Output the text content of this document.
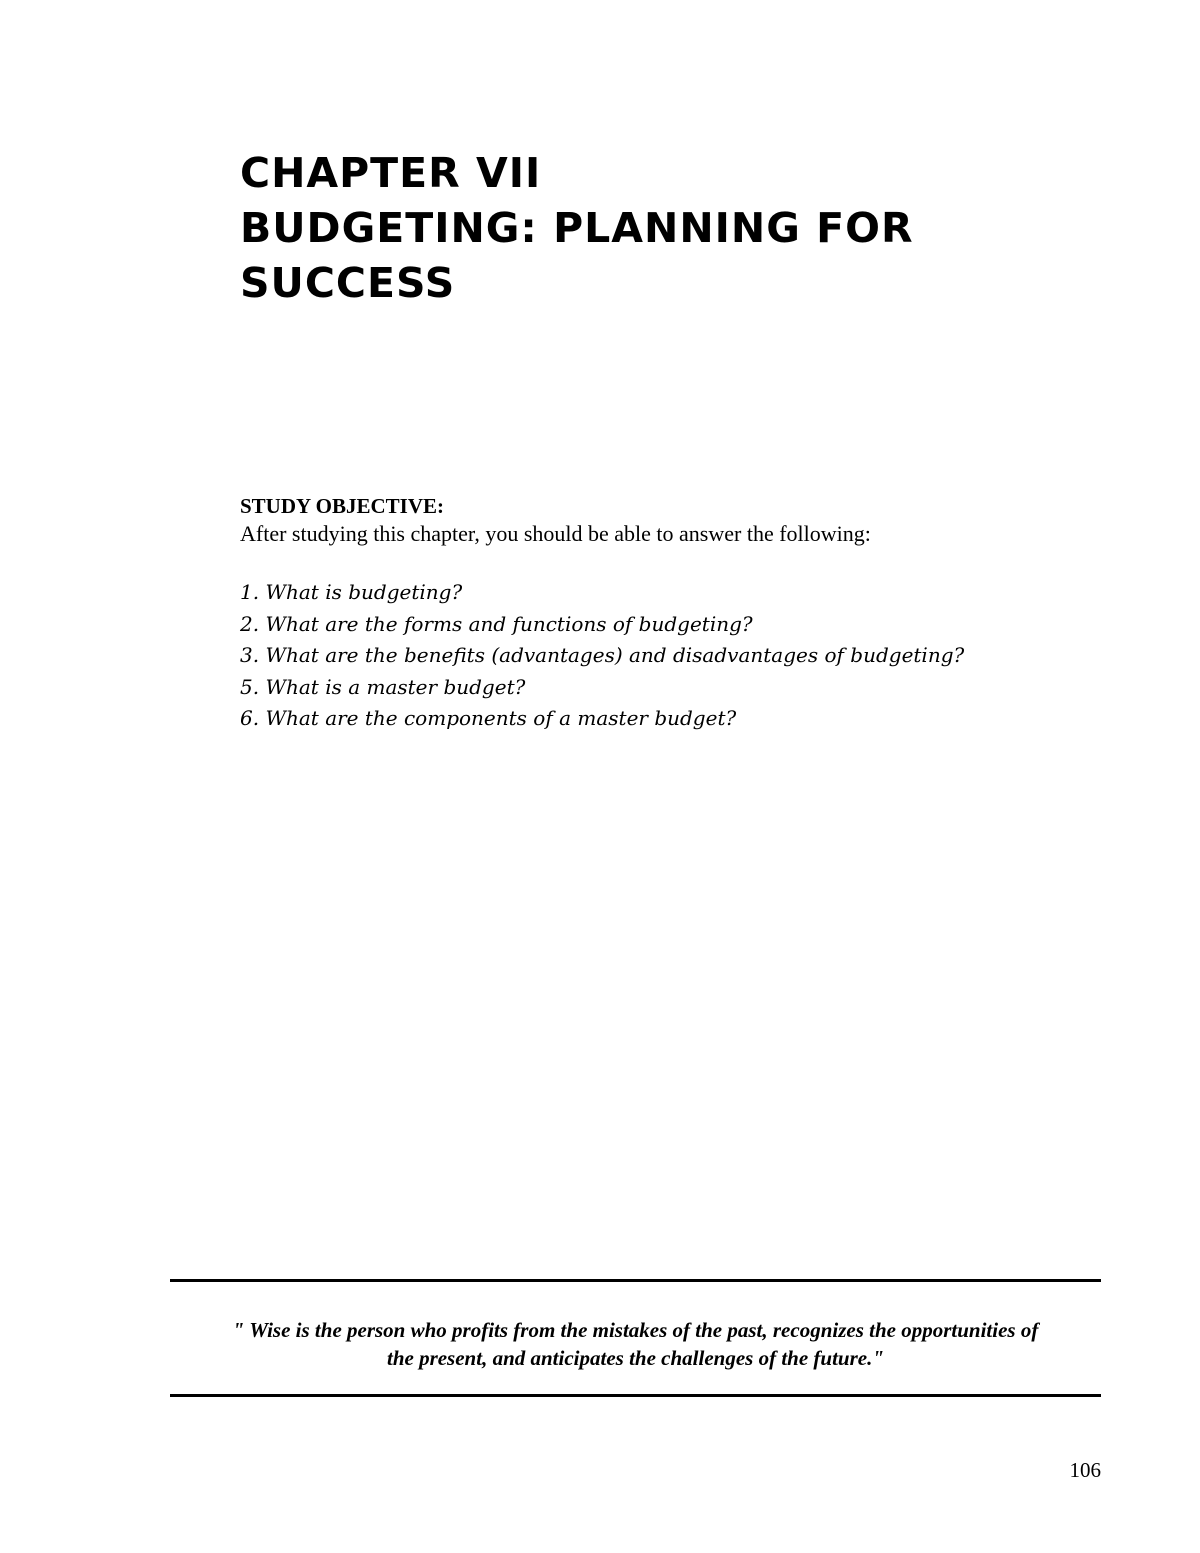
CHAPTER VII
BUDGETING: PLANNING FOR
SUCCESS
STUDY OBJECTIVE:
After studying this chapter, you should be able to answer the following:
1. What is budgeting?
2. What are the forms and functions of budgeting?
3. What are the benefits (advantages) and disadvantages of budgeting?
5. What is a master budget?
6. What are the components of a master budget?
" Wise is the person who profits from the mistakes of the past, recognizes the opportunities of
the present, and anticipates the challenges of the future."
106
